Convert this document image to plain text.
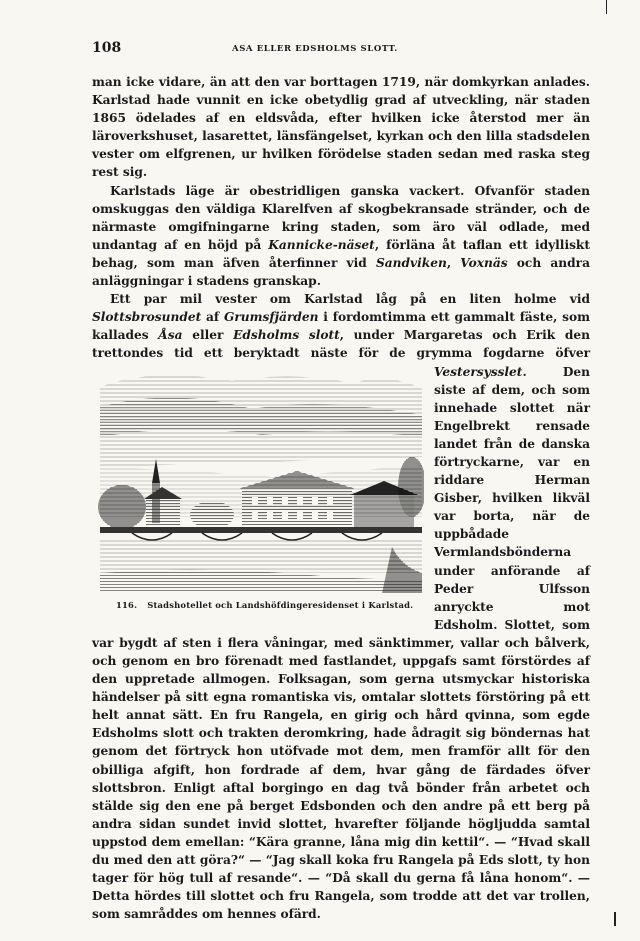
108	ASA ELLER EDSHOLMS SLOTT.

man icke vidare, än att den var borttagen 1719, när domkyrkan anlades. Karlstad hade vunnit en icke obetydlig grad af utveckling, när staden 1865 ödelades af en eldsvåda, efter hvilken icke återstod mer än läroverkshuset, lasarettet, länsfängelset, kyrkan och den lilla stadsdelen vester om elfgrenen, ur hvilken förödelse staden sedan med raska steg rest sig.

Karlstads läge är obestridligen ganska vackert. Ofvanför staden omskuggas den väldiga Klarelfven af skogbekransade stränder, och de närmaste omgifningarne kring staden, som äro väl odlade, med undantag af en höjd på Kannicke-näset, förläna åt taflan ett idylliskt behag, som man äfven återfinner vid Sandviken, Voxnäs och andra anläggningar i stadens granskap.

Ett par mil vester om Karlstad låg på en liten holme vid Slottsbrosundet af Grumsfjärden i fordomtimma ett gammalt fäste, som kallades Åsa eller Edsholms slott, under Margaretas och Erik den trettondes tid ett beryktadt näste för de grymma fogdarne öfver Vestersysslet
116. Stadshotellet och Landshöfdingeresidenset i Karlstad.
. Den siste af dem, och som innehade slottet när Engelbrekt rensade landet från de danska förtryckarne, var en riddare Herman Gisber, hvilken likväl var borta, när de uppbådade Vermlandsbönderna under anförande af Peder Ulfsson anryckte mot Edsholm. Slottet, som var bygdt af sten i flera våningar, med sänktimmer, vallar och bålverk, och genom en bro förenadt med fastlandet, uppgafs samt förstördes af den uppretade allmogen. Folksagan, som gerna utsmyckar historiska händelser på sitt egna romantiska vis, omtalar slottets förstöring på ett helt annat sätt. En fru Rangela, en girig och hård qvinna, som egde Edsholms slott och trakten deromkring, hade ådragit sig böndernas hat genom det förtryck hon utöfvade mot dem, men framför allt för den obilliga afgift, hon fordrade af dem, hvar gång de färdades öfver slottsbron. Enligt aftal borgingo en dag två bönder från arbetet och stälde sig den ene på berget Edsbonden och den andre på ett berg på andra sidan sundet invid slottet, hvarefter följande högljudda samtal uppstod dem emellan: “Kära granne, låna mig din kettil“. — “Hvad skall du med den att göra?“ — “Jag skall koka fru Rangela på Eds slott, ty hon tager för hög tull af resande“. — “Då skall du gerna få låna honom“. — Detta hördes till slottet och fru Rangela, som trodde att det var trollen, som samråddes om hennes ofärd.
